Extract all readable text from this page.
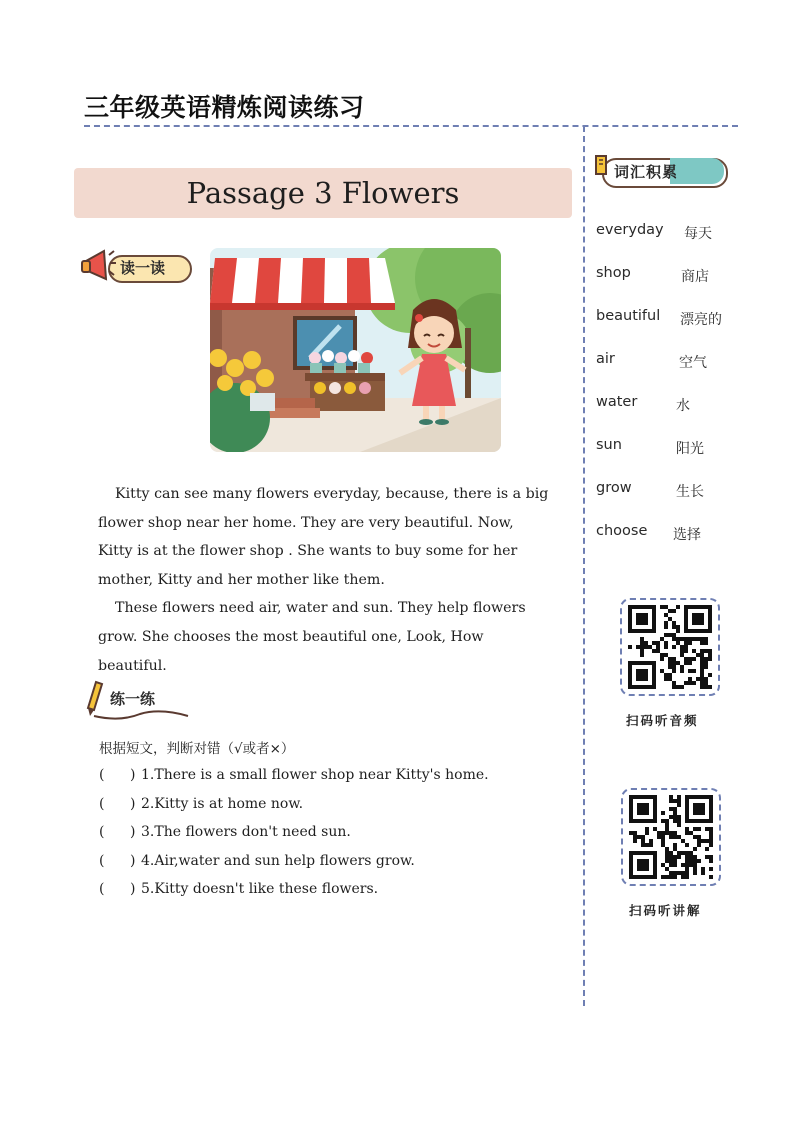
三年级英语精炼阅读练习
Passage 3 Flowers
读一读

Kitty can see many flowers everyday, because, there is a big flower shop near her home. They are very beautiful. Now, Kitty is at the flower shop . She wants to buy some for her mother, Kitty and her mother like them.

These flowers need air, water and sun. They help flowers grow. She chooses the most beautiful one, Look, How beautiful.

练一练
根据短文，判断对错（√或者×）
( ) 1.There is a small flower shop near Kitty's home.
( ) 2.Kitty is at home now.
( ) 3.The flowers don't need sun.
( ) 4.Air,water and sun help flowers grow.
( ) 5.Kitty doesn't like these flowers.
词汇积累
everyday 每天
shop	商店
beautiful 漂亮的
air	空气
water	水
sun	阳光
grow	生长
choose 选择
扫码听音频
扫码听讲解
